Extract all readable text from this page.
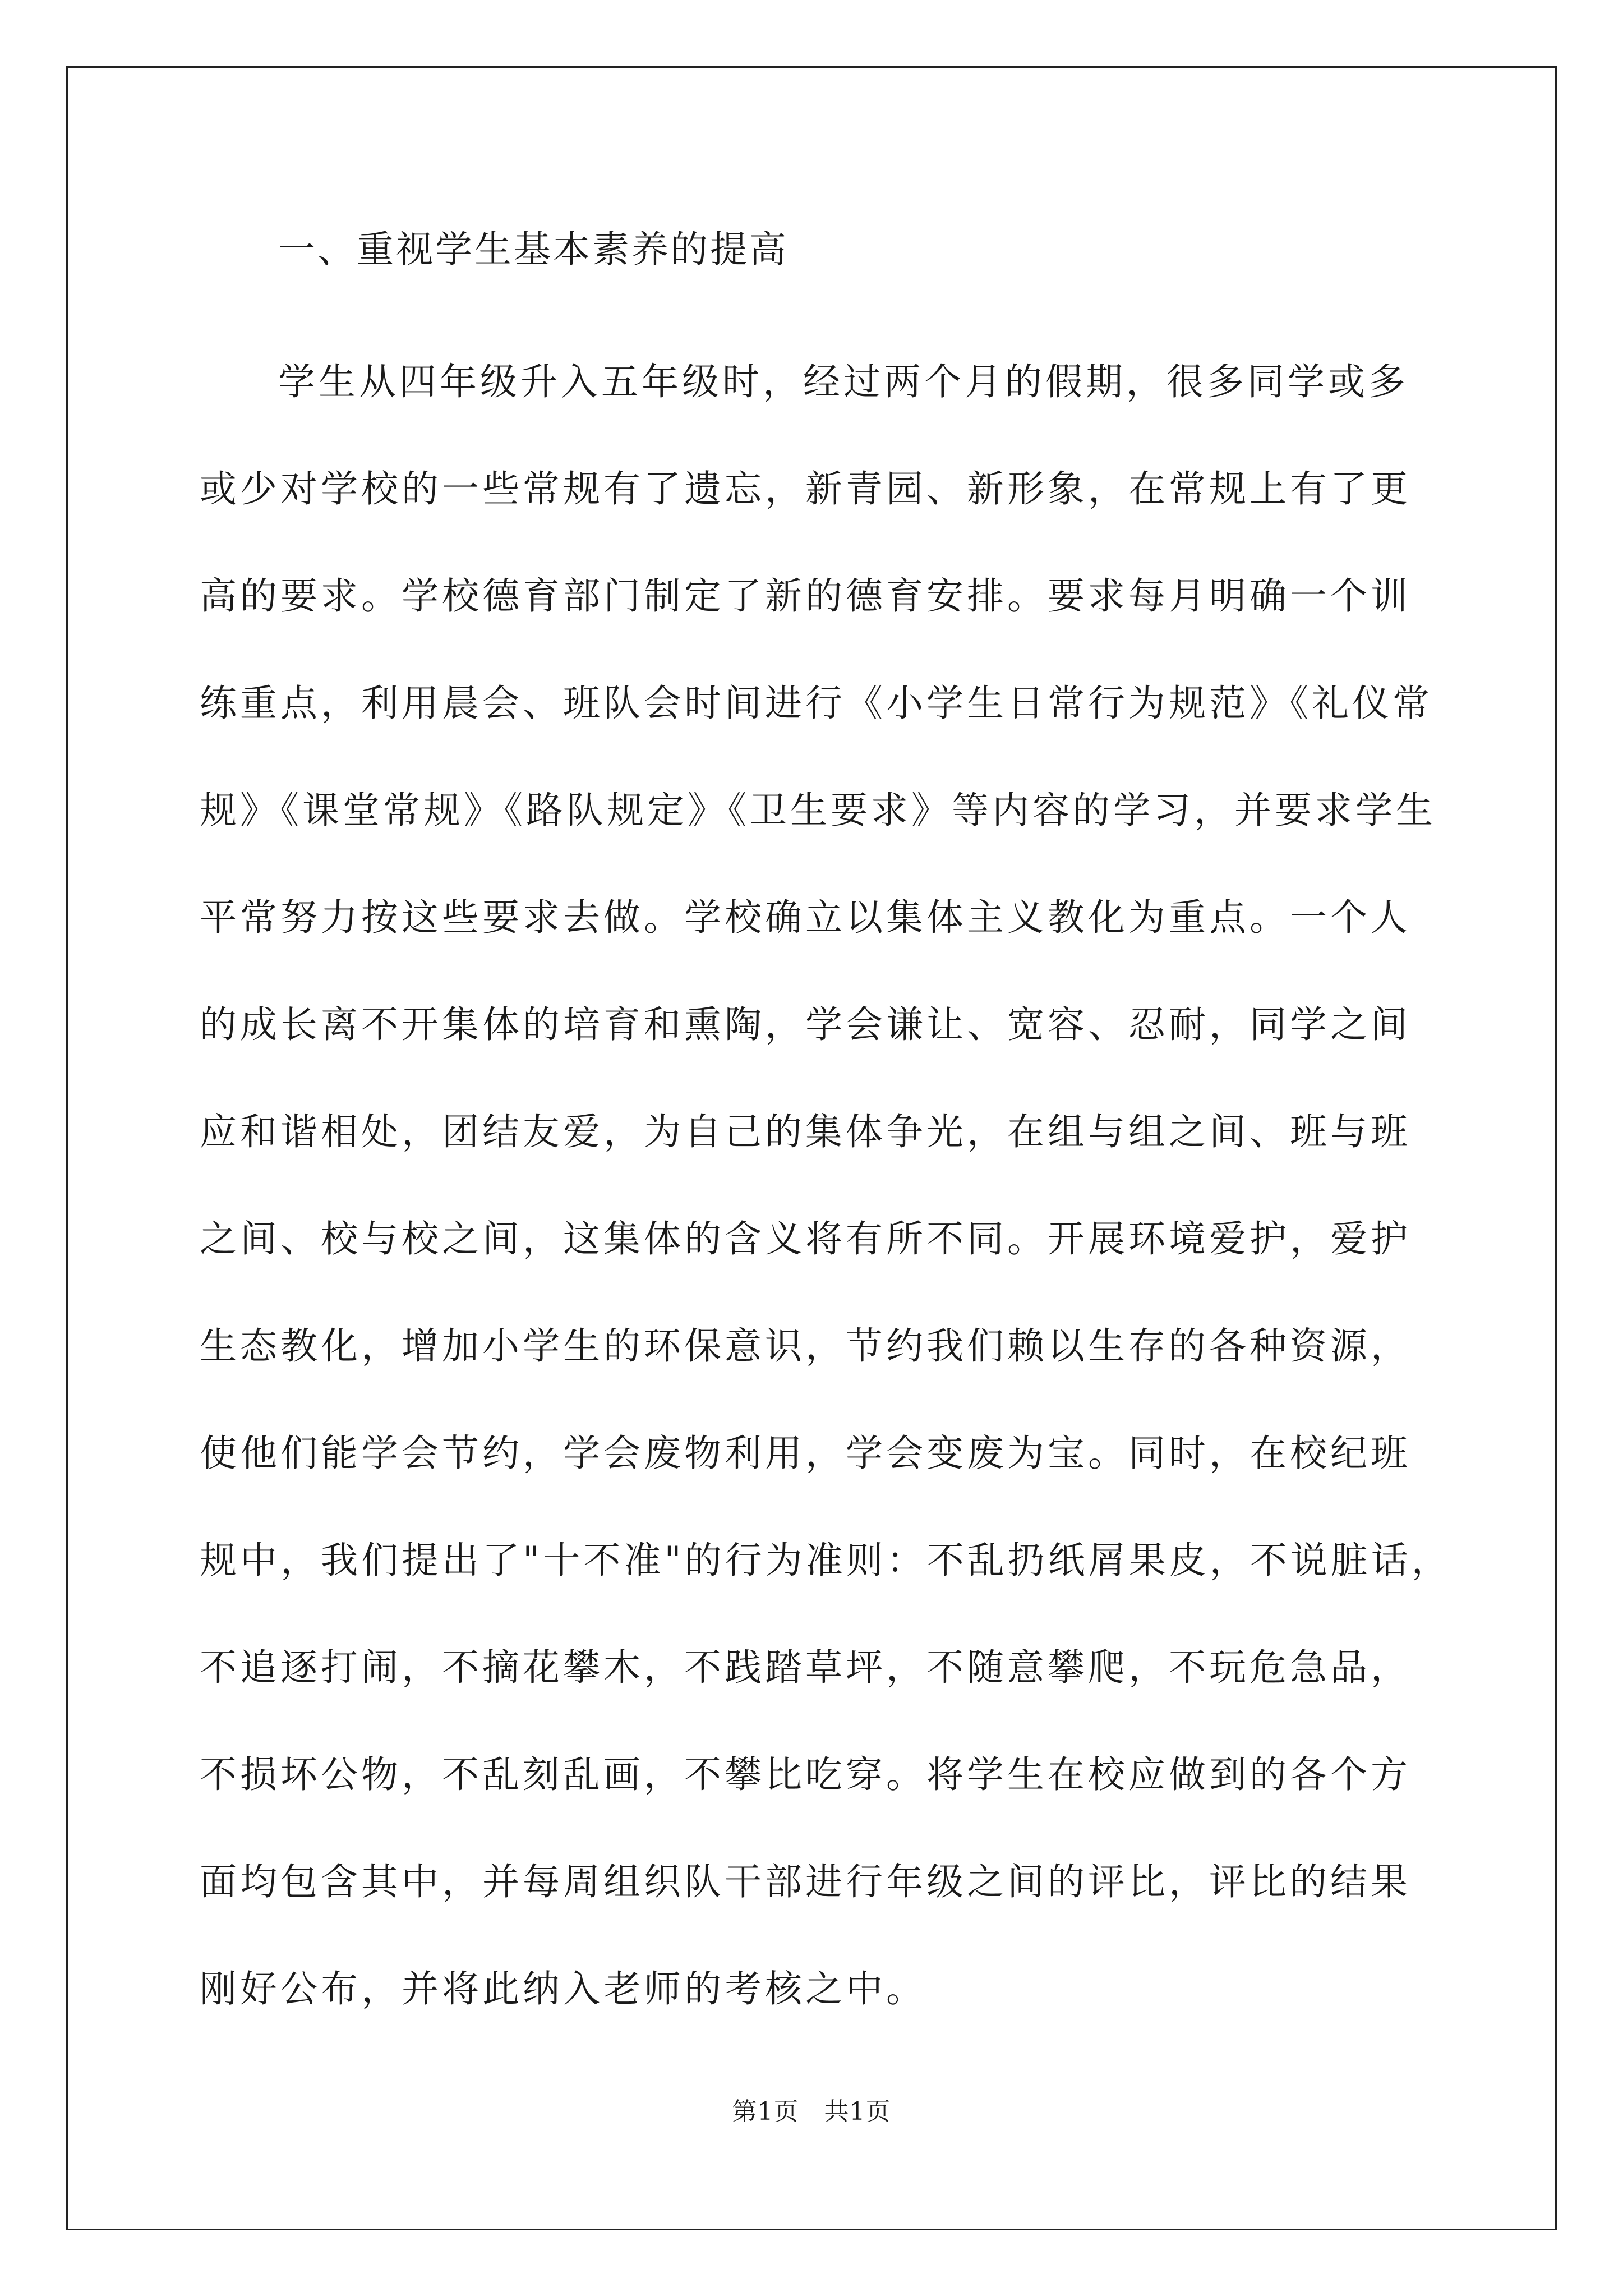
一、重视学生基本素养的提高
学生从四年级升入五年级时，经过两个月的假期，很多同学或多
或少对学校的一些常规有了遗忘，新青园、新形象，在常规上有了更
高的要求。学校德育部门制定了新的德育安排。要求每月明确一个训
练重点，利用晨会、班队会时间进行《小学生日常行为规范》《礼仪常
规》《课堂常规》《路队规定》《卫生要求》等内容的学习，并要求学生
平常努力按这些要求去做。学校确立以集体主义教化为重点。一个人
的成长离不开集体的培育和熏陶，学会谦让、宽容、忍耐，同学之间
应和谐相处，团结友爱，为自己的集体争光，在组与组之间、班与班
之间、校与校之间，这集体的含义将有所不同。开展环境爱护，爱护
生态教化，增加小学生的环保意识，节约我们赖以生存的各种资源，
使他们能学会节约，学会废物利用，学会变废为宝。同时，在校纪班
规中，我们提出了"十不准"的行为准则：不乱扔纸屑果皮，不说脏话，
不追逐打闹，不摘花攀木，不践踏草坪，不随意攀爬，不玩危急品，
不损坏公物，不乱刻乱画，不攀比吃穿。将学生在校应做到的各个方
面均包含其中，并每周组织队干部进行年级之间的评比，评比的结果
刚好公布，并将此纳入老师的考核之中。
第1页　共1页
